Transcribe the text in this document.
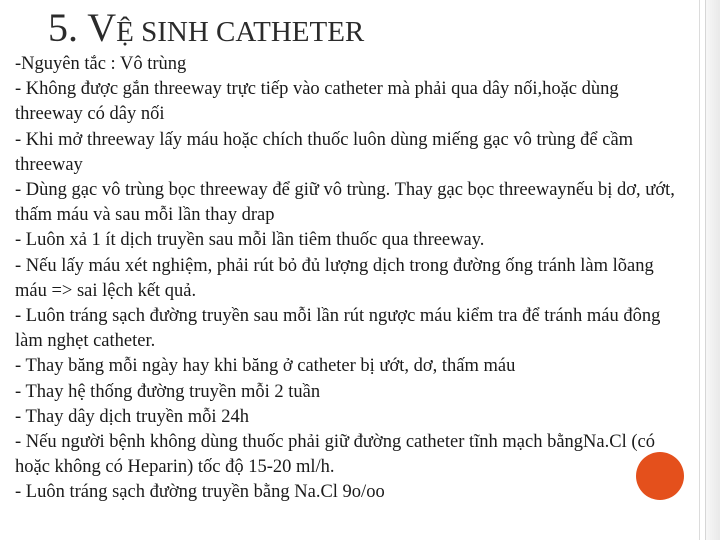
5. VỆ SINH CATHETER

-Nguyên tắc : Vô trùng

- Không được gắn threeway trực tiếp vào catheter mà phải qua dây nối,hoặc dùng threeway có dây nối

- Khi mở threeway lấy máu hoặc chích thuốc luôn dùng miếng gạc vô trùng để cầm threeway

- Dùng gạc vô trùng bọc threeway để giữ vô trùng. Thay gạc bọc threewaynếu bị dơ, ướt, thấm máu và sau mỗi lần thay drap

- Luôn xả 1 ít dịch truyền sau mỗi lần tiêm thuốc qua threeway.

- Nếu lấy máu xét nghiệm, phải rút bỏ đủ lượng dịch trong đường ống tránh làm lõang máu => sai lệch kết quả.

- Luôn tráng sạch đường truyền sau mỗi lần rút ngược máu kiểm tra để tránh máu đông làm nghẹt catheter.

- Thay băng mỗi ngày hay khi băng ở catheter bị ướt, dơ, thấm máu

- Thay hệ thống đường truyền mỗi 2 tuần

- Thay dây dịch truyền mỗi 24h

- Nếu người bệnh không dùng thuốc phải giữ đường catheter tĩnh mạch bằngNa.Cl (có hoặc không có Heparin) tốc độ 15-20 ml/h.

- Luôn tráng sạch đường truyền bằng Na.Cl 9o/oo
